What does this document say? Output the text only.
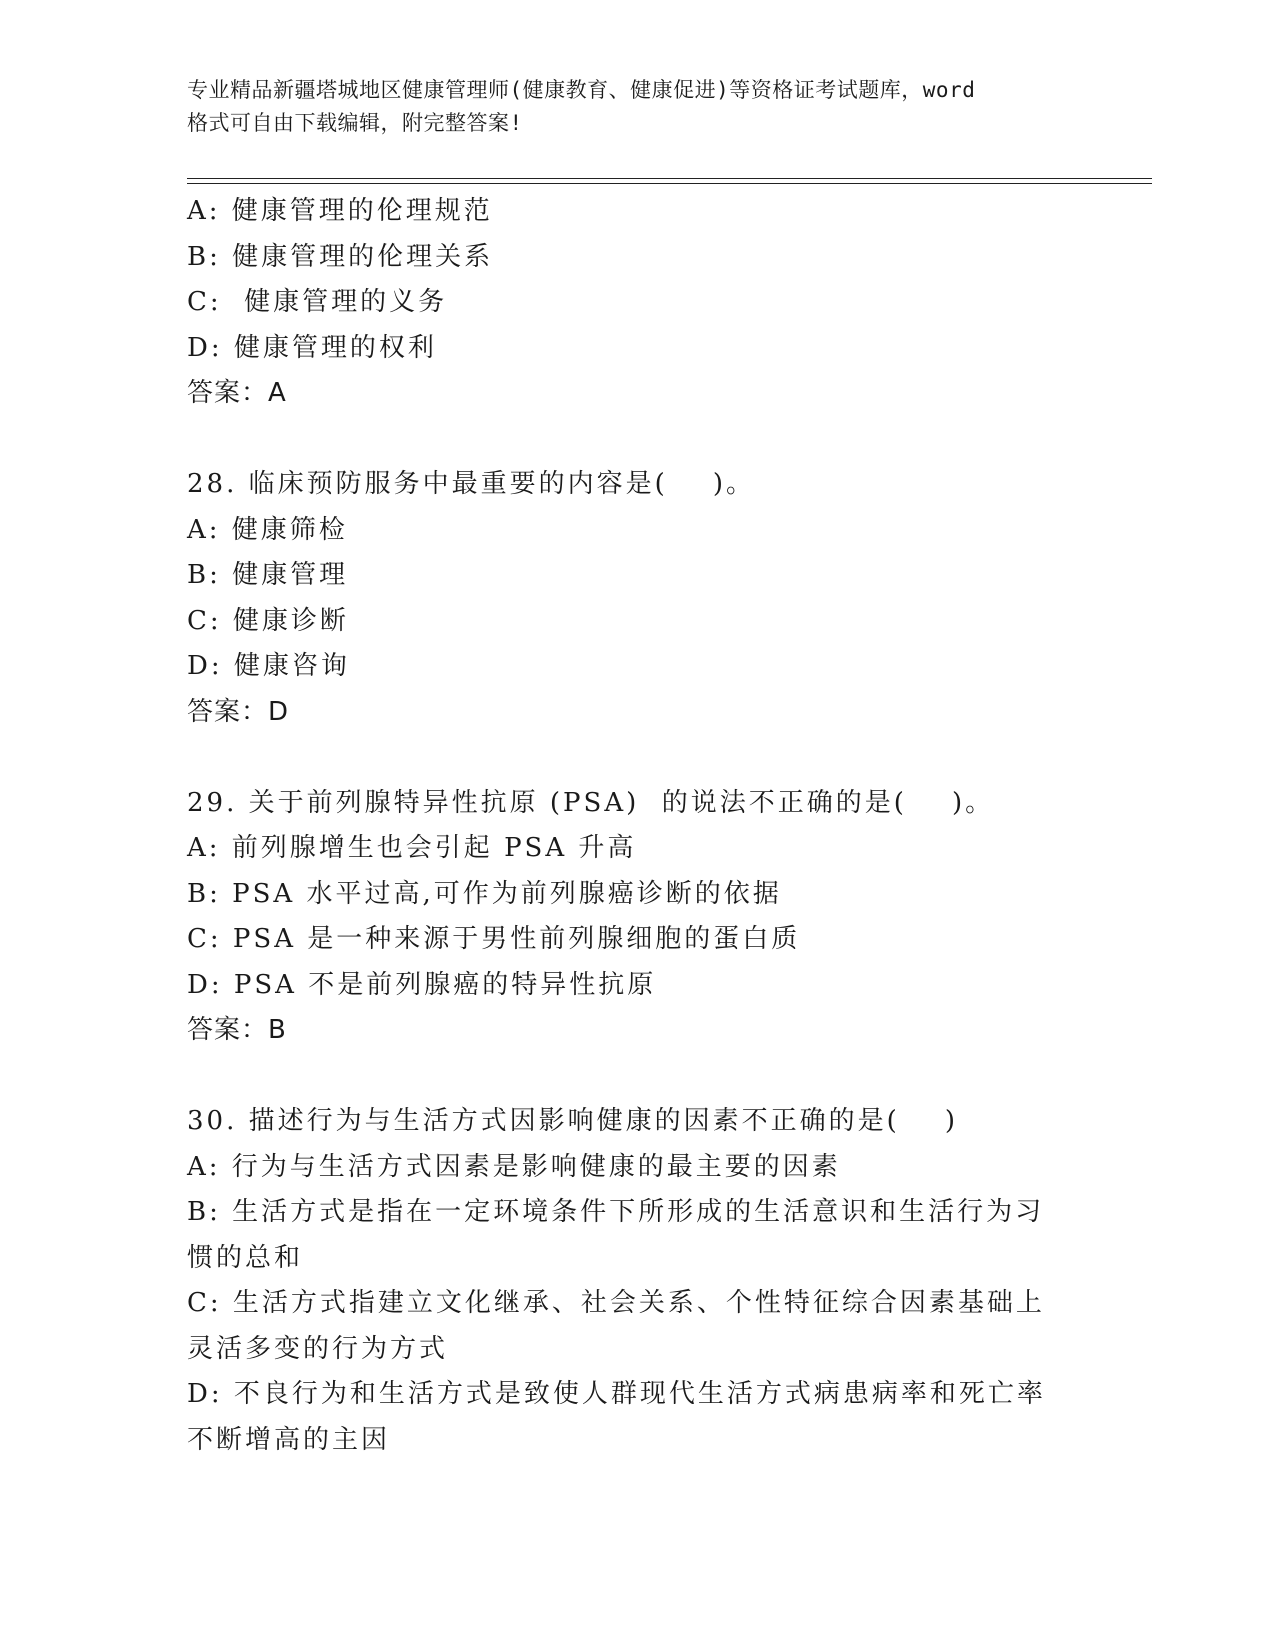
专业精品新疆塔城地区健康管理师(健康教育、健康促进)等资格证考试题库，word
格式可自由下载编辑，附完整答案!
A: 健康管理的伦理规范
B: 健康管理的伦理关系
C:  健康管理的义务
D: 健康管理的权利
答案：A
28. 临床预防服务中最重要的内容是(    )。
A: 健康筛检
B: 健康管理
C: 健康诊断
D: 健康咨询
答案：D
29. 关于前列腺特异性抗原 (PSA)  的说法不正确的是(    )。
A: 前列腺增生也会引起 PSA 升高
B: PSA 水平过高,可作为前列腺癌诊断的依据
C: PSA 是一种来源于男性前列腺细胞的蛋白质
D: PSA 不是前列腺癌的特异性抗原
答案：B
30. 描述行为与生活方式因影响健康的因素不正确的是(    )
A: 行为与生活方式因素是影响健康的最主要的因素
B: 生活方式是指在一定环境条件下所形成的生活意识和生活行为习惯的总和
C: 生活方式指建立文化继承、社会关系、个性特征综合因素基础上灵活多变的行为方式
D: 不良行为和生活方式是致使人群现代生活方式病患病率和死亡率不断增高的主因
